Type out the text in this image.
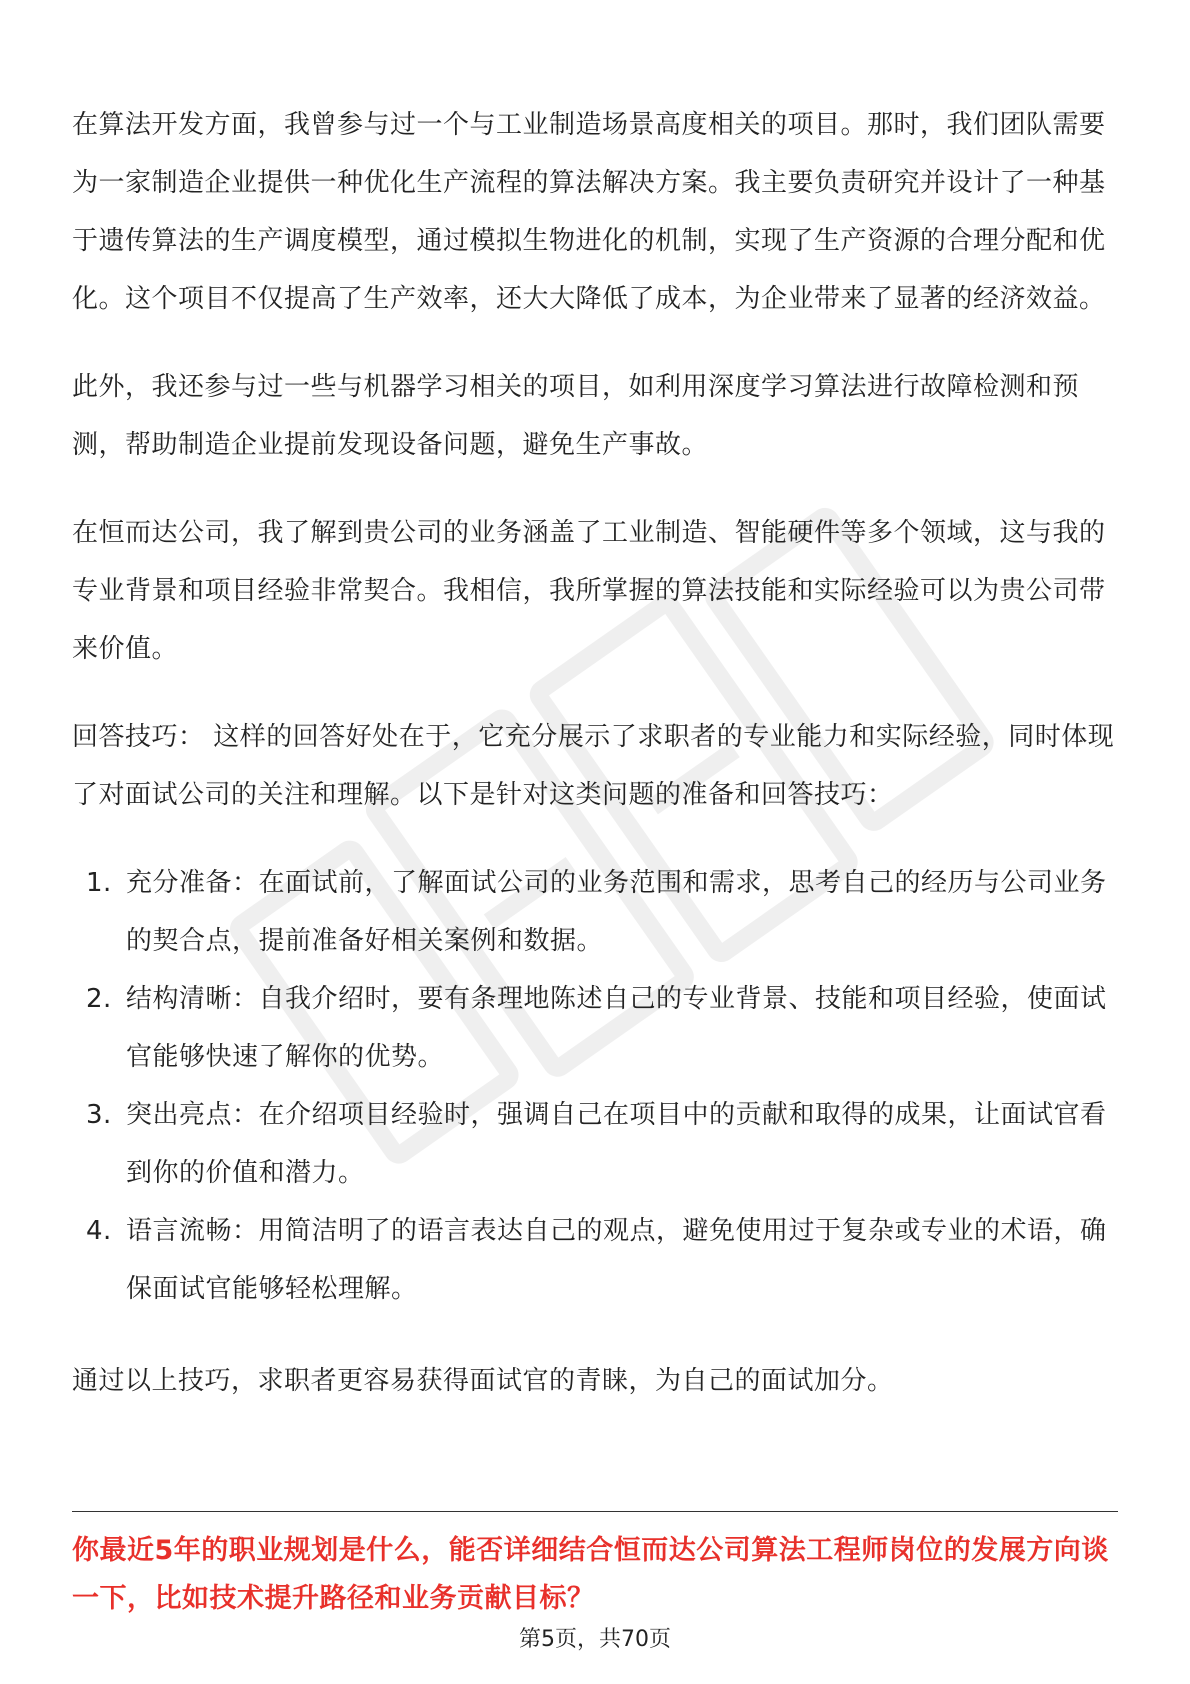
在算法开发方面，我曾参与过一个与工业制造场景高度相关的项目。那时，我们团队需要为一家制造企业提供一种优化生产流程的算法解决方案。我主要负责研究并设计了一种基于遗传算法的生产调度模型，通过模拟生物进化的机制，实现了生产资源的合理分配和优化。这个项目不仅提高了生产效率，还大大降低了成本，为企业带来了显著的经济效益。

此外，我还参与过一些与机器学习相关的项目，如利用深度学习算法进行故障检测和预测，帮助制造企业提前发现设备问题，避免生产事故。

在恒而达公司，我了解到贵公司的业务涵盖了工业制造、智能硬件等多个领域，这与我的专业背景和项目经验非常契合。我相信，我所掌握的算法技能和实际经验可以为贵公司带来价值。

回答技巧： 这样的回答好处在于，它充分展示了求职者的专业能力和实际经验，同时体现了对面试公司的关注和理解。以下是针对这类问题的准备和回答技巧：

1. 充分准备：在面试前，了解面试公司的业务范围和需求，思考自己的经历与公司业务的契合点，提前准备好相关案例和数据。
2. 结构清晰：自我介绍时，要有条理地陈述自己的专业背景、技能和项目经验，使面试官能够快速了解你的优势。
3. 突出亮点：在介绍项目经验时，强调自己在项目中的贡献和取得的成果，让面试官看到你的价值和潜力。
4. 语言流畅：用简洁明了的语言表达自己的观点，避免使用过于复杂或专业的术语，确保面试官能够轻松理解。

通过以上技巧，求职者更容易获得面试官的青睐，为自己的面试加分。

你最近5年的职业规划是什么，能否详细结合恒而达公司算法工程师岗位的发展方向谈一下，比如技术提升路径和业务贡献目标？

第5页，共70页
